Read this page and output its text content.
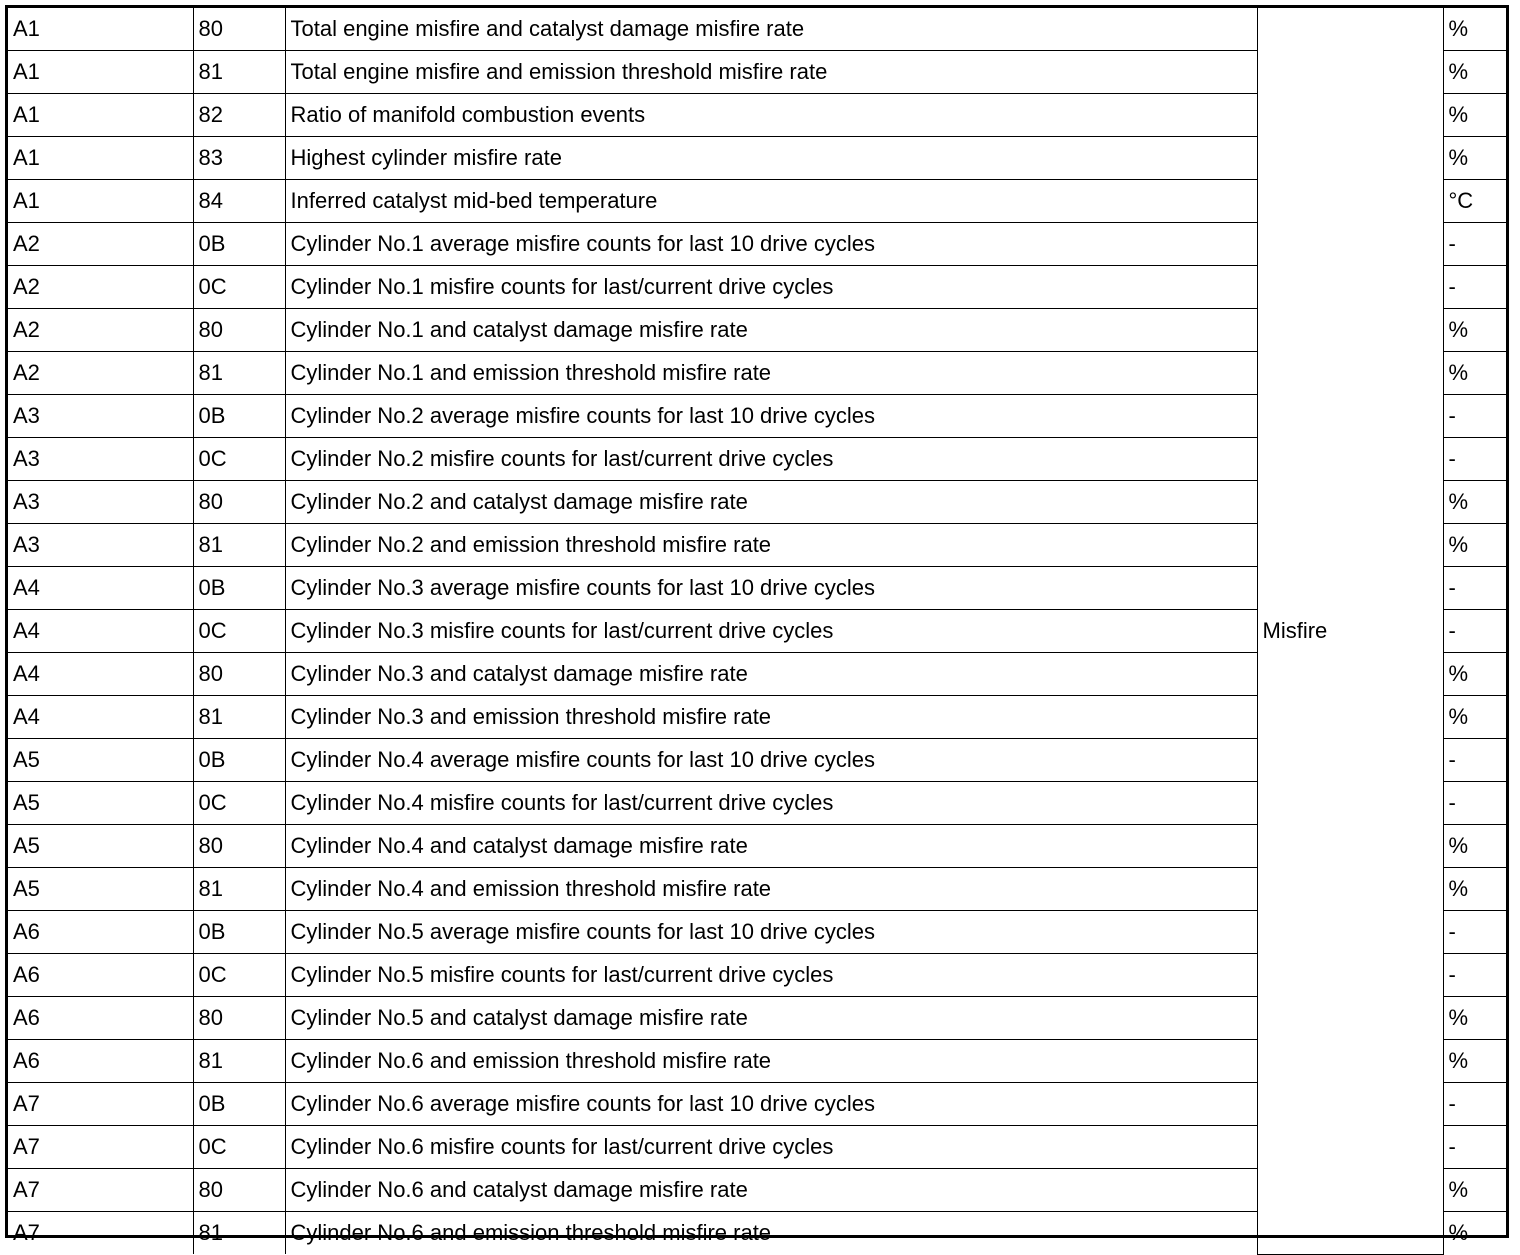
A1	80	Total engine misfire and catalyst damage misfire rate	Misfire	%
A1	81	Total engine misfire and emission threshold misfire rate		%
A1	82	Ratio of manifold combustion events		%
A1	83	Highest cylinder misfire rate		%
A1	84	Inferred catalyst mid-bed temperature		°C
A2	0B	Cylinder No.1 average misfire counts for last 10 drive cycles		-
A2	0C	Cylinder No.1 misfire counts for last/current drive cycles		-
A2	80	Cylinder No.1 and catalyst damage misfire rate		%
A2	81	Cylinder No.1 and emission threshold misfire rate		%
A3	0B	Cylinder No.2 average misfire counts for last 10 drive cycles		-
A3	0C	Cylinder No.2 misfire counts for last/current drive cycles		-
A3	80	Cylinder No.2 and catalyst damage misfire rate		%
A3	81	Cylinder No.2 and emission threshold misfire rate		%
A4	0B	Cylinder No.3 average misfire counts for last 10 drive cycles		-
A4	0C	Cylinder No.3 misfire counts for last/current drive cycles		-
A4	80	Cylinder No.3 and catalyst damage misfire rate		%
A4	81	Cylinder No.3 and emission threshold misfire rate		%
A5	0B	Cylinder No.4 average misfire counts for last 10 drive cycles		-
A5	0C	Cylinder No.4 misfire counts for last/current drive cycles		-
A5	80	Cylinder No.4 and catalyst damage misfire rate		%
A5	81	Cylinder No.4 and emission threshold misfire rate		%
A6	0B	Cylinder No.5 average misfire counts for last 10 drive cycles		-
A6	0C	Cylinder No.5 misfire counts for last/current drive cycles		-
A6	80	Cylinder No.5 and catalyst damage misfire rate		%
A6	81	Cylinder No.6 and emission threshold misfire rate		%
A7	0B	Cylinder No.6 average misfire counts for last 10 drive cycles		-
A7	0C	Cylinder No.6 misfire counts for last/current drive cycles		-
A7	80	Cylinder No.6 and catalyst damage misfire rate		%
A7	81	Cylinder No.6 and emission threshold misfire rate		%
